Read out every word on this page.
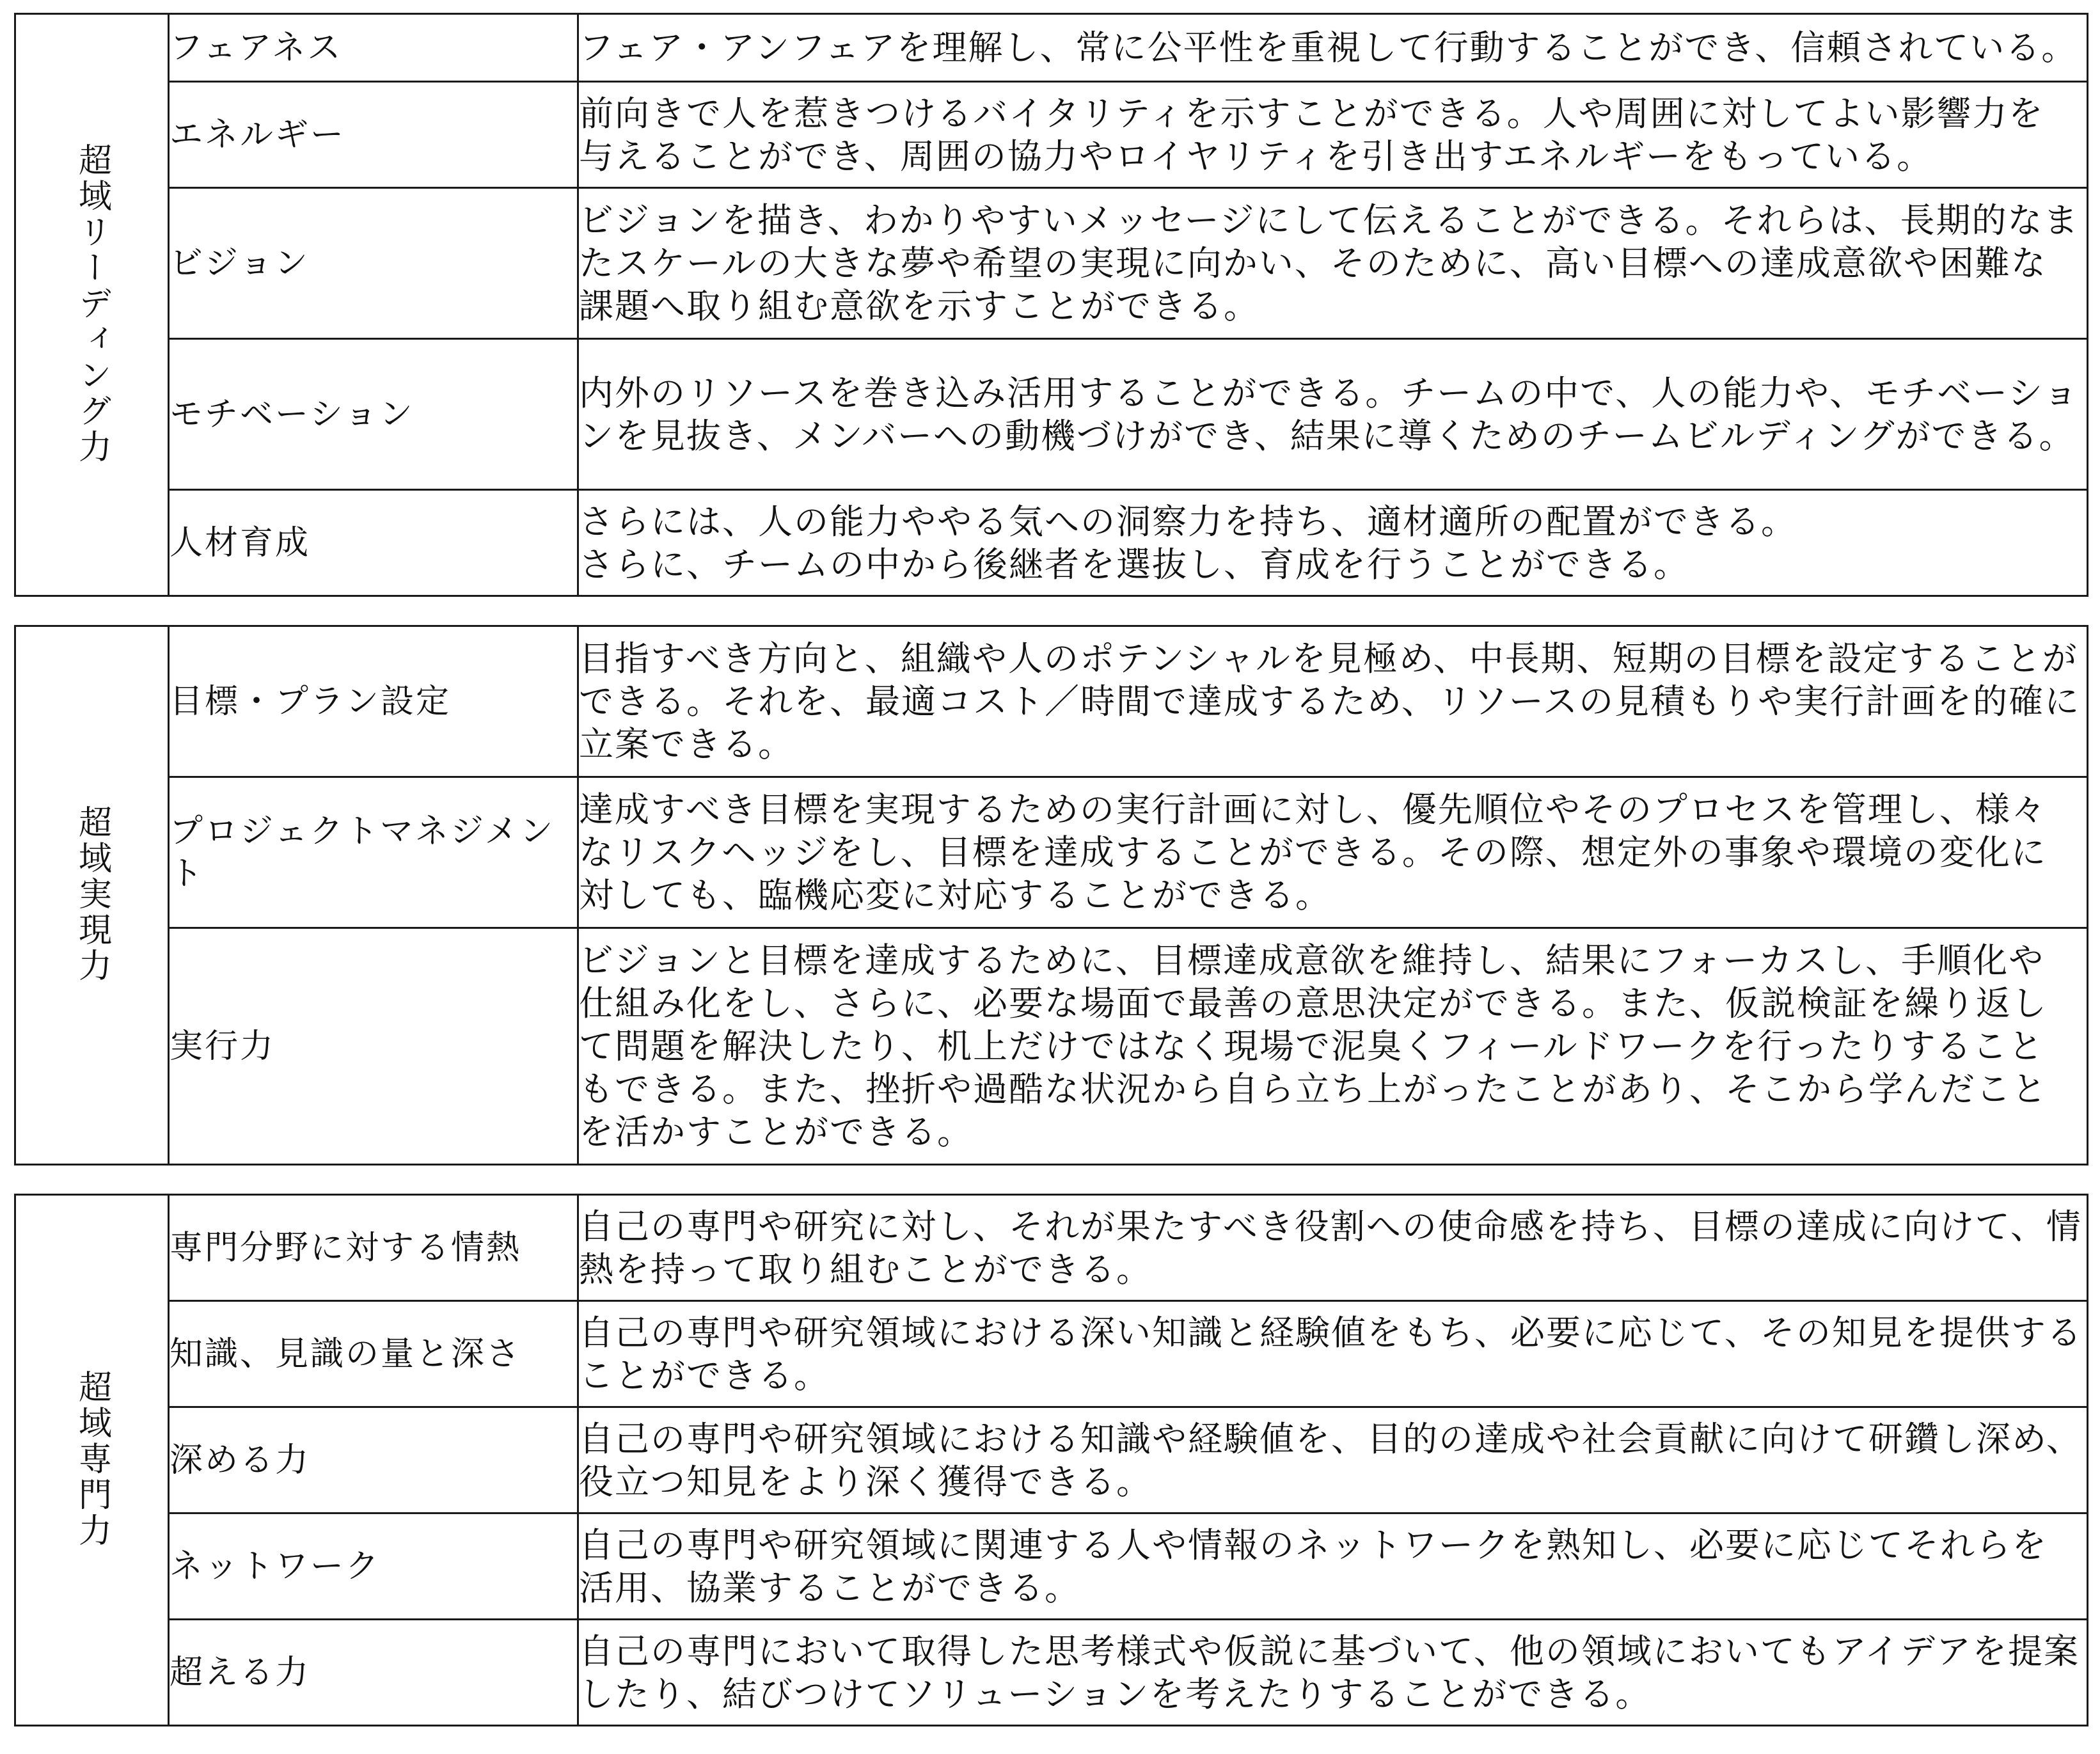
超域リーディング力	フェアネス	フェア・アンフェアを理解し、常に公平性を重視して行動することができ、信頼されている。

	エネルギー	前向きで人を惹きつけるバイタリティを示すことができる。人や周囲に対してよい影響力を
与えることができ、周囲の協力やロイヤリティを引き出すエネルギーをもっている。

	ビジョン	ビジョンを描き、わかりやすいメッセージにして伝えることができる。それらは、長期的なま
たスケールの大きな夢や希望の実現に向かい、そのために、高い目標への達成意欲や困難な
課題へ取り組む意欲を示すことができる。

	モチベーション	内外のリソースを巻き込み活用することができる。チームの中で、人の能力や、モチベーショ
ンを見抜き、メンバーへの動機づけができ、結果に導くためのチームビルディングができる。

	人材育成	さらには、人の能力ややる気への洞察力を持ち、適材適所の配置ができる。
さらに、チームの中から後継者を選抜し、育成を行うことができる。
超域実現力	目標・プラン設定	目指すべき方向と、組織や人のポテンシャルを見極め、中長期、短期の目標を設定することが
できる。それを、最適コスト／時間で達成するため、リソースの見積もりや実行計画を的確に
立案できる。

	プロジェクトマネジメント	達成すべき目標を実現するための実行計画に対し、優先順位やそのプロセスを管理し、様々
なリスクヘッジをし、目標を達成することができる。その際、想定外の事象や環境の変化に
対しても、臨機応変に対応することができる。

	実行力	ビジョンと目標を達成するために、目標達成意欲を維持し、結果にフォーカスし、手順化や
仕組み化をし、さらに、必要な場面で最善の意思決定ができる。また、仮説検証を繰り返し
て問題を解決したり、机上だけではなく現場で泥臭くフィールドワークを行ったりすること
もできる。また、挫折や過酷な状況から自ら立ち上がったことがあり、そこから学んだこと
を活かすことができる。
超域専門力	専門分野に対する情熱	自己の専門や研究に対し、それが果たすべき役割への使命感を持ち、目標の達成に向けて、情
熱を持って取り組むことができる。

	知識、見識の量と深さ	自己の専門や研究領域における深い知識と経験値をもち、必要に応じて、その知見を提供する
ことができる。

	深める力	自己の専門や研究領域における知識や経験値を、目的の達成や社会貢献に向けて研鑽し深め、
役立つ知見をより深く獲得できる。

	ネットワーク	自己の専門や研究領域に関連する人や情報のネットワークを熟知し、必要に応じてそれらを
活用、協業することができる。

	超える力	自己の専門において取得した思考様式や仮説に基づいて、他の領域においてもアイデアを提案
したり、結びつけてソリューションを考えたりすることができる。
